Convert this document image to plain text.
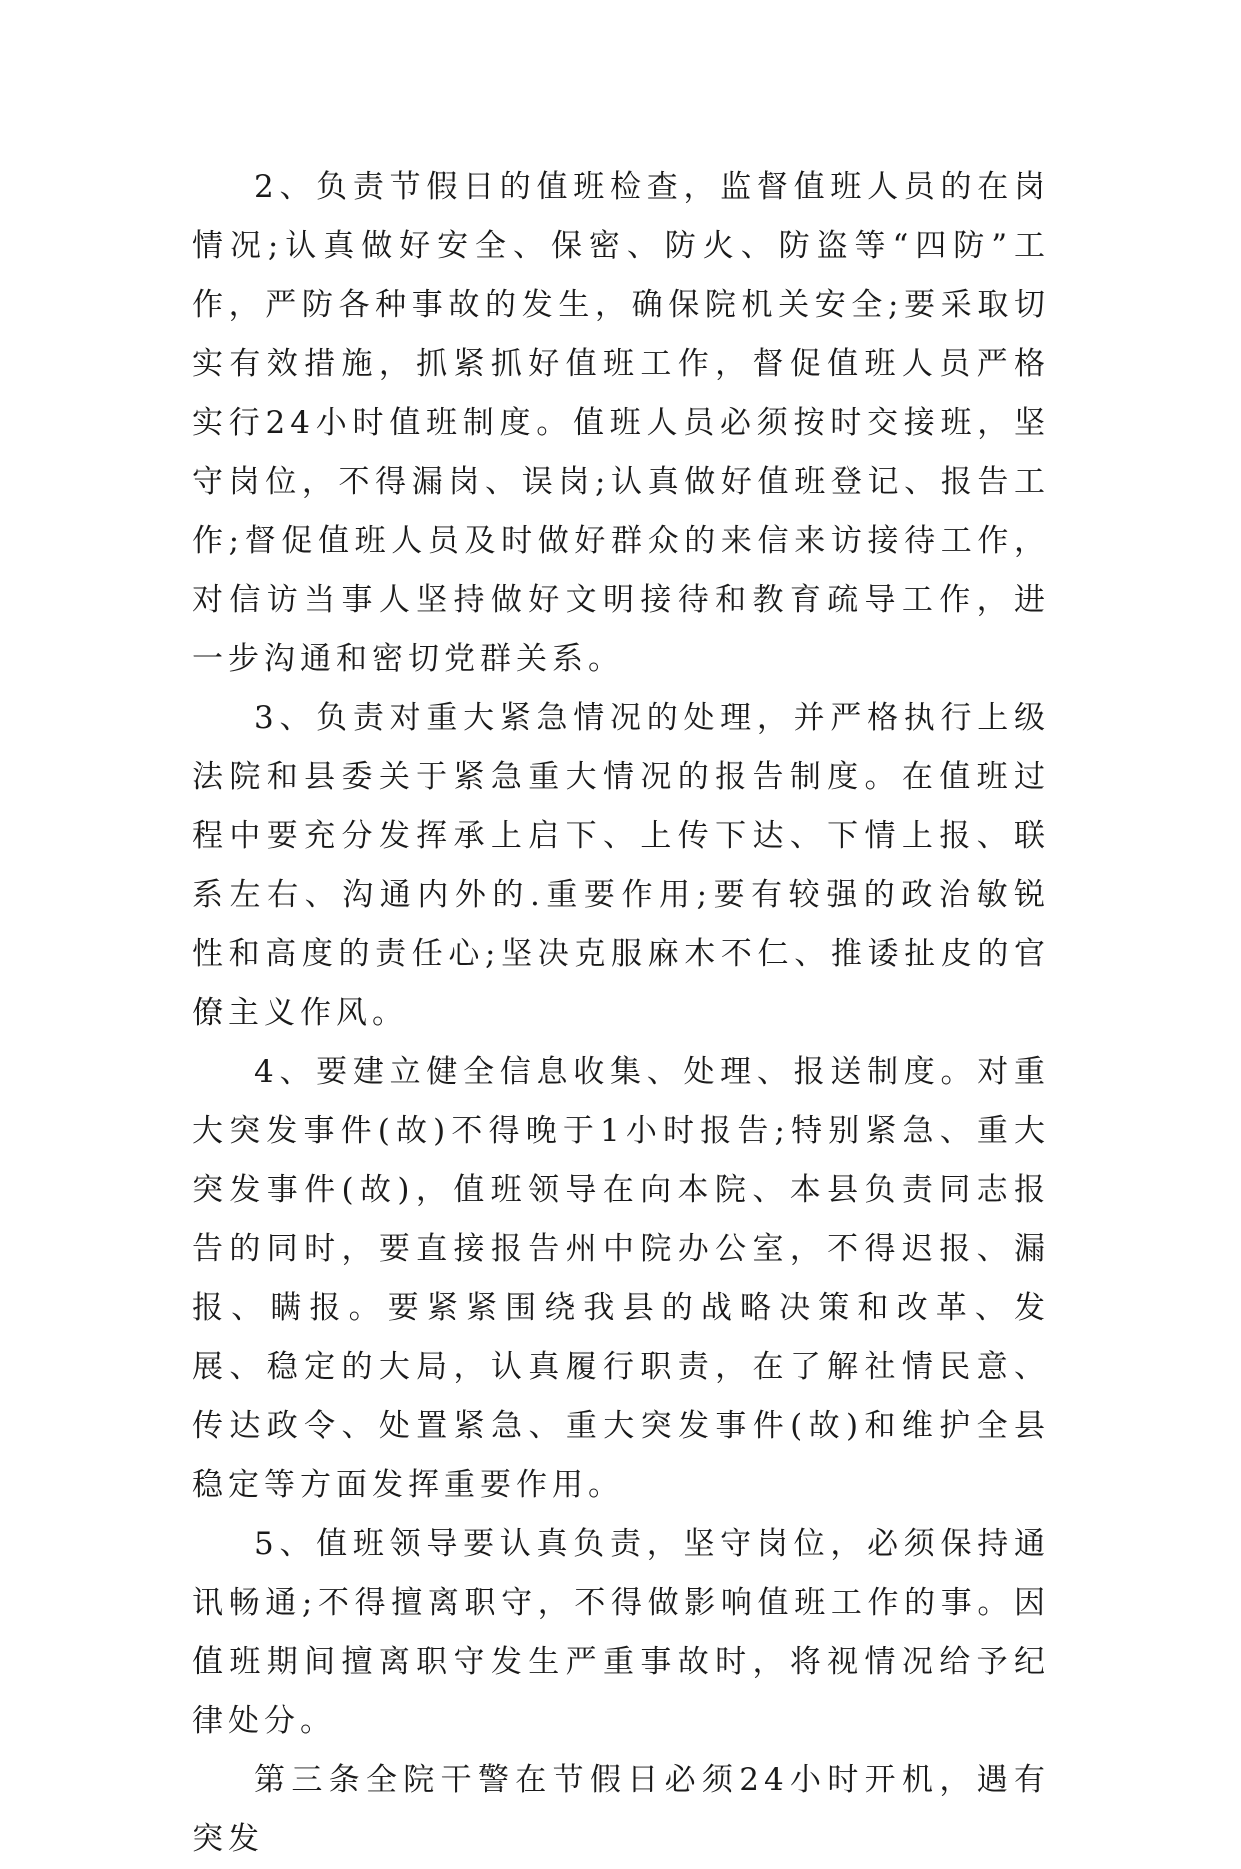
2、负责节假日的值班检查，监督值班人员的在岗情况;认真做好安全、保密、防火、防盗等“四防”工作，严防各种事故的发生，确保院机关安全;要采取切实有效措施，抓紧抓好值班工作，督促值班人员严格实行24小时值班制度。值班人员必须按时交接班，坚守岗位，不得漏岗、误岗;认真做好值班登记、报告工作;督促值班人员及时做好群众的来信来访接待工作，对信访当事人坚持做好文明接待和教育疏导工作，进一步沟通和密切党群关系。

3、负责对重大紧急情况的处理，并严格执行上级法院和县委关于紧急重大情况的报告制度。在值班过程中要充分发挥承上启下、上传下达、下情上报、联系左右、沟通内外的.重要作用;要有较强的政治敏锐性和高度的责任心;坚决克服麻木不仁、推诿扯皮的官僚主义作风。

4、要建立健全信息收集、处理、报送制度。对重大突发事件(故)不得晚于1小时报告;特别紧急、重大突发事件(故)，值班领导在向本院、本县负责同志报告的同时，要直接报告州中院办公室，不得迟报、漏报、瞒报。要紧紧围绕我县的战略决策和改革、发展、稳定的大局，认真履行职责，在了解社情民意、传达政令、处置紧急、重大突发事件(故)和维护全县稳定等方面发挥重要作用。

5、值班领导要认真负责，坚守岗位，必须保持通讯畅通;不得擅离职守，不得做影响值班工作的事。因值班期间擅离职守发生严重事故时，将视情况给予纪律处分。

第三条全院干警在节假日必须24小时开机，遇有突发
